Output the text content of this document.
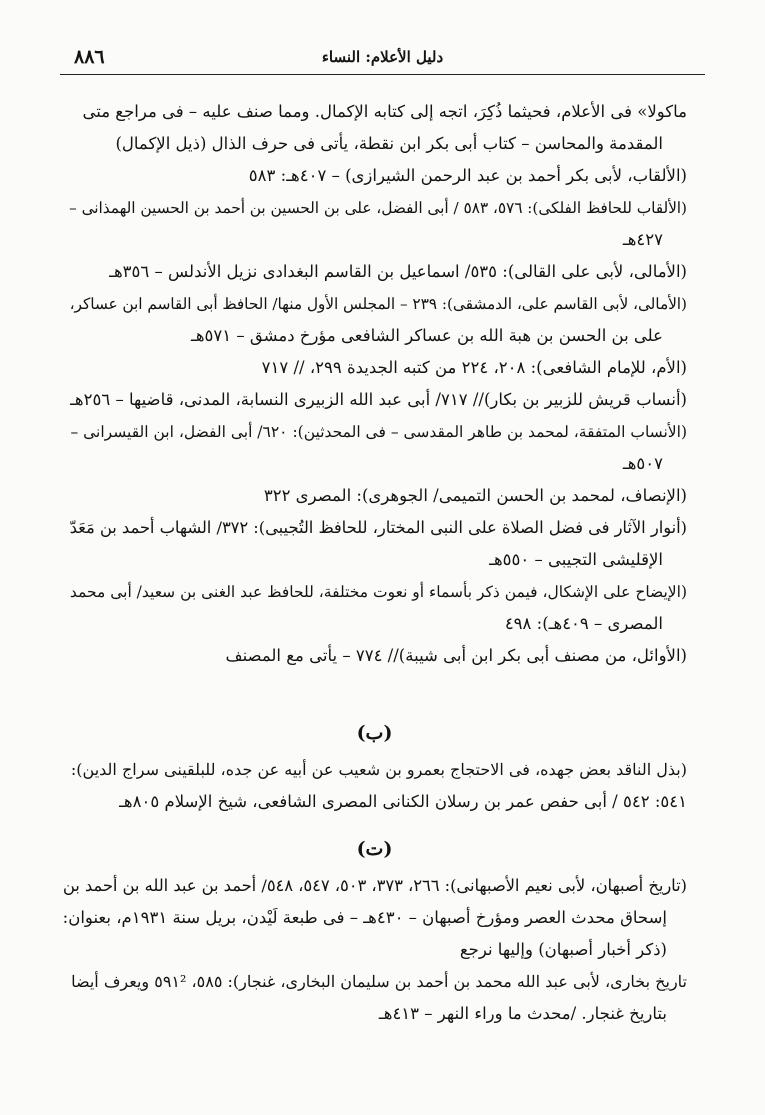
٨٨٦	دليل الأعلام: النساء
ماكولا» فى الأعلام، فحيثما ذُكِرَ، اتجه إلى كتابه الإكمال. ومما صنف عليه – فى مراجع متى
المقدمة والمحاسن – كتاب أبى بكر ابن نقطة، يأتى فى حرف الذال (ذيل الإكمال)
(الألقاب، لأبى بكر أحمد بن عبد الرحمن الشيرازى) – ٤٠٧هـ: ٥٨٣
(الألقاب للحافظ الفلكى): ٥٧٦، ٥٨٣ / أبى الفضل، على بن الحسين بن أحمد بن الحسين الهمذانى –
٤٢٧هـ
(الأمالى، لأبى على القالى): ٥٣٥/ اسماعيل بن القاسم البغدادى نزيل الأندلس – ٣٥٦هـ
(الأمالى، لأبى القاسم على، الدمشقى): ٢٣٩ – المجلس الأول منها/ الحافظ أبى القاسم ابن عساكر،
على بن الحسن بن هبة الله بن عساكر الشافعى مؤرخ دمشق – ٥٧١هـ
(الأم، للإمام الشافعى): ٢٠٨، ٢٢٤ من كتبه الجديدة ٢٩٩، // ٧١٧
(أنساب قريش للزبير بن بكار)// ٧١٧/ أبى عبد الله الزبيرى النسابة، المدنى، قاضيها – ٢٥٦هـ
(الأنساب المتفقة، لمحمد بن طاهر المقدسى – فى المحدثين): ٦٢٠/ أبى الفضل، ابن القيسرانى –
٥٠٧هـ
(الإنصاف، لمحمد بن الحسن التميمى/ الجوهرى): المصرى ٣٢٢
(أنوار الآثار فى فضل الصلاة على النبى المختار، للحافظ التُجيبى): ٣٧٢/ الشهاب أحمد بن مَعَدّ
الإقليشى التجيبى – ٥٥٠هـ
(الإيضاح على الإشكال، فيمن ذكر بأسماء أو نعوت مختلفة، للحافظ عبد الغنى بن سعيد/ أبى محمد
المصرى – ٤٠٩هـ): ٤٩٨
(الأوائل، من مصنف أبى بكر ابن أبى شيبة)// ٧٧٤ – يأتى مع المصنف
(ب)
(بذل الناقد بعض جهده، فى الاحتجاج بعمرو بن شعيب عن أبيه عن جده، للبلقينى سراج الدين):
٥٤١: ٥٤٢ / أبى حفص عمر بن رسلان الكنانى المصرى الشافعى، شيخ الإسلام ٨٠٥هـ
(ت)
(تاريخ أصبهان، لأبى نعيم الأصبهانى): ٢٦٦، ٣٧٣، ٥٠٣، ٥٤٧، ٥٤٨/ أحمد بن عبد الله بن أحمد بن
إسحاق محدث العصر ومؤرخ أصبهان – ٤٣٠هـ – فى طبعة لَيْدن، بريل سنة ١٩٣١م، بعنوان:
(ذكر أخبار أصبهان) وإليها نرجع
تاريخ بخارى، لأبى عبد الله محمد بن أحمد بن سليمان البخارى، غنجار): ٥٨٥، ٥٩١² ويعرف أيضا
بتاريخ غنجار. /محدث ما وراء النهر – ٤١٣هـ
